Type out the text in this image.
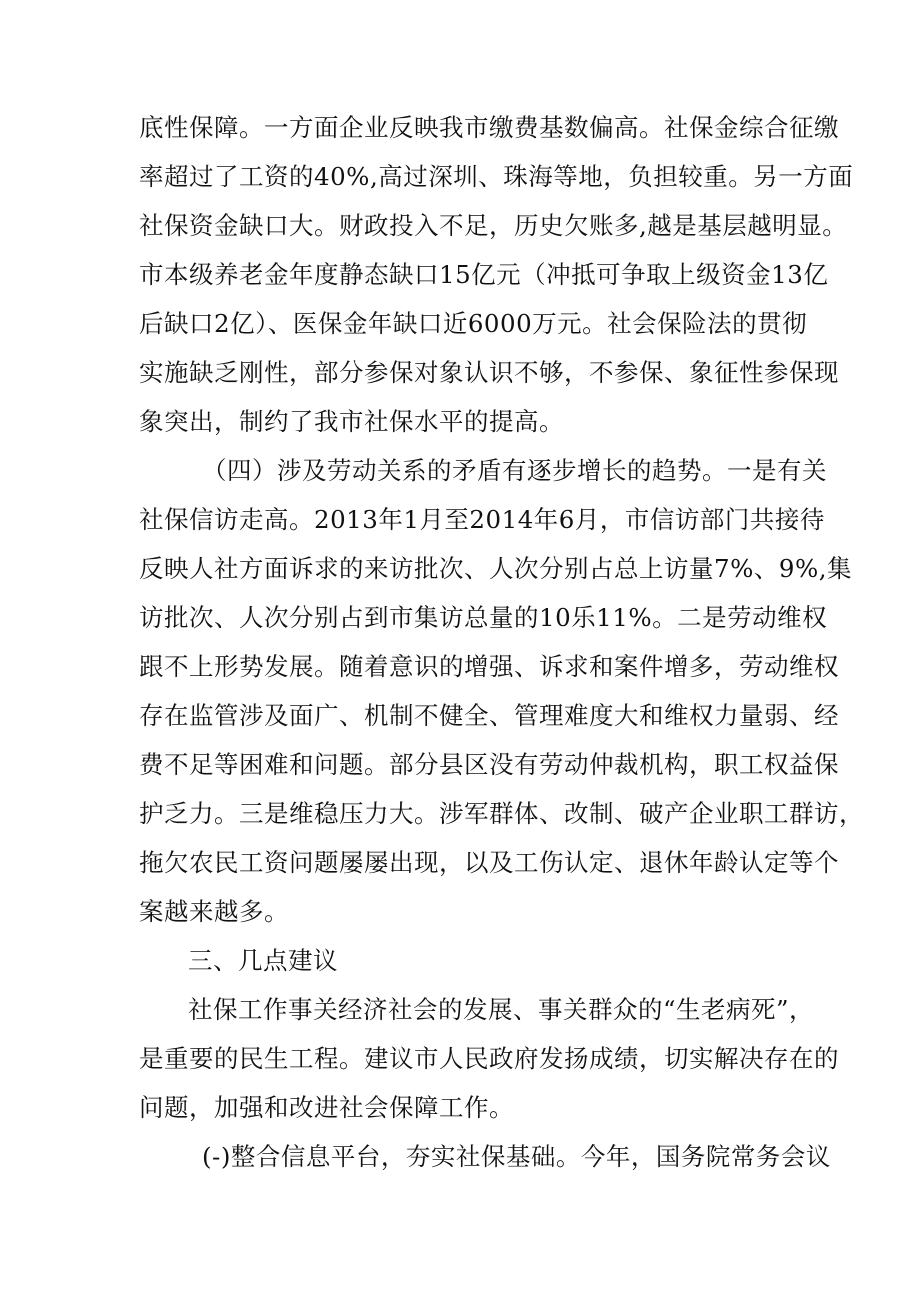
底性保障。一方面企业反映我市缴费基数偏高。社保金综合征缴
率超过了工资的40%,高过深圳、珠海等地，负担较重。另一方面
社保资金缺口大。财政投入不足，历史欠账多,越是基层越明显。
市本级养老金年度静态缺口15亿元（冲抵可争取上级资金13亿
后缺口2亿）、医保金年缺口近6000万元。社会保险法的贯彻
实施缺乏刚性，部分参保对象认识不够，不参保、象征性参保现
象突出，制约了我市社保水平的提高。
（四）涉及劳动关系的矛盾有逐步增长的趋势。一是有关
社保信访走高。2013年1月至2014年6月，市信访部门共接待
反映人社方面诉求的来访批次、人次分别占总上访量7%、9%,集
访批次、人次分别占到市集访总量的10乐11%。二是劳动维权
跟不上形势发展。随着意识的增强、诉求和案件增多，劳动维权
存在监管涉及面广、机制不健全、管理难度大和维权力量弱、经
费不足等困难和问题。部分县区没有劳动仲裁机构，职工权益保
护乏力。三是维稳压力大。涉军群体、改制、破产企业职工群访，
拖欠农民工资问题屡屡出现，以及工伤认定、退休年龄认定等个
案越来越多。
三、几点建议
社保工作事关经济社会的发展、事关群众的“生老病死”，
是重要的民生工程。建议市人民政府发扬成绩，切实解决存在的
问题，加强和改进社会保障工作。
(-)整合信息平台，夯实社保基础。今年，国务院常务会议
